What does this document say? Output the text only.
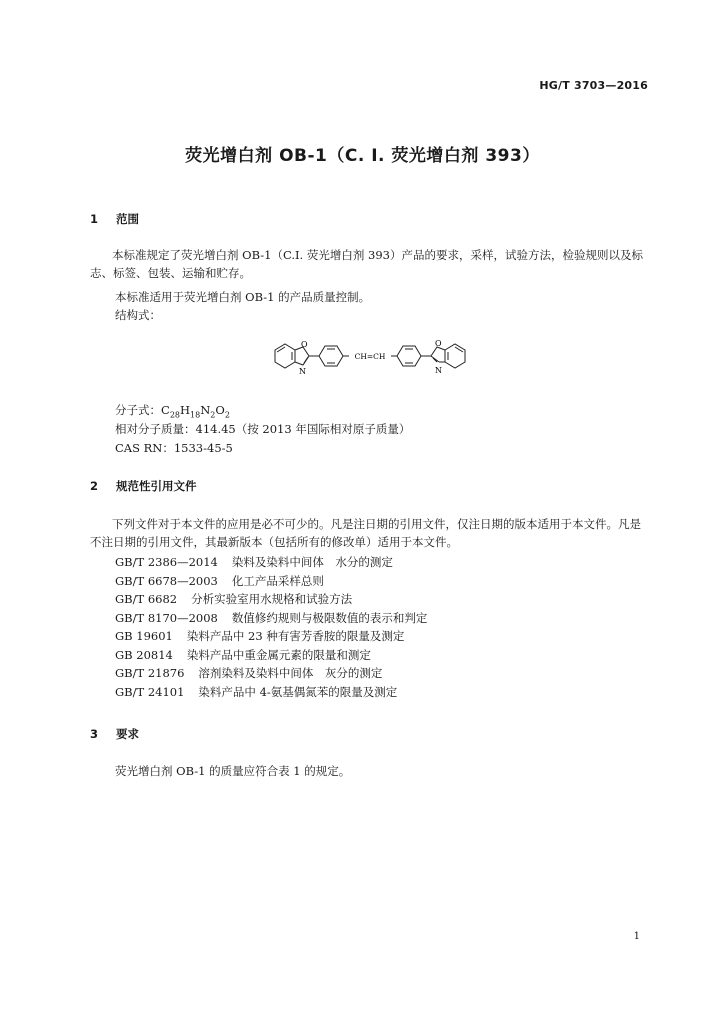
HG/T 3703—2016
荧光增白剂 OB-1（C. I. 荧光增白剂 393）
1 范围
本标准规定了荧光增白剂 OB-1（C.I. 荧光增白剂 393）产品的要求，采样，试验方法，检验规则以及标志、标签、包装、运输和贮存。
本标准适用于荧光增白剂 OB-1 的产品质量控制。
结构式：
O
N
O
N
CH=CH
分子式：$C_{28}H_{18}N_2O_2$
相对分子质量：414.45（按 2013 年国际相对原子质量）
CAS RN：1533-45-5
2 规范性引用文件
下列文件对于本文件的应用是必不可少的。凡是注日期的引用文件，仅注日期的版本适用于本文件。凡是不注日期的引用文件，其最新版本（包括所有的修改单）适用于本文件。
GB/T 2386—2014 染料及染料中间体　水分的测定
GB/T 6678—2003 化工产品采样总则
GB/T 6682 分析实验室用水规格和试验方法
GB/T 8170—2008 数值修约规则与极限数值的表示和判定
GB 19601 染料产品中 23 种有害芳香胺的限量及测定
GB 20814 染料产品中重金属元素的限量和测定
GB/T 21876 溶剂染料及染料中间体　灰分的测定
GB/T 24101 染料产品中 4-氨基偶氮苯的限量及测定
3 要求
荧光增白剂 OB-1 的质量应符合表 1 的规定。
1
